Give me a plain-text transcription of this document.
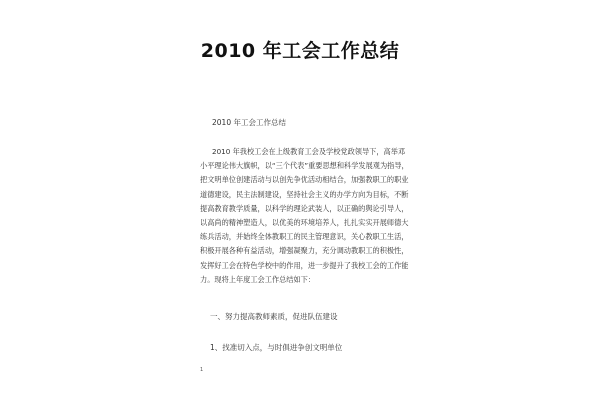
2010 年工会工作总结
2010 年工会工作总结

2010 年我校工会在上级教育工会及学校党政领导下，高举邓小平理论伟大旗帜，以“三个代表”重要思想和科学发展观为指导，把文明单位创建活动与以创先争优活动相结合，加强教职工的职业道德建设，民主法制建设，坚持社会主义的办学方向为目标，不断提高教育教学质量，以科学的理论武装人，以正确的舆论引导人，以高尚的精神塑造人，以优美的环境培养人，扎扎实实开展师德大练兵活动，并始终全体教职工的民主管理意识，关心教职工生活，积极开展各种有益活动，增强凝聚力，充分调动教职工的积极性，发挥好工会在特色学校中的作用，进一步提升了我校工会的工作能力。现将上年度工会工作总结如下：

一、努力提高教师素质，促进队伍建设
1、找准切入点，与时俱进争创文明单位
1
